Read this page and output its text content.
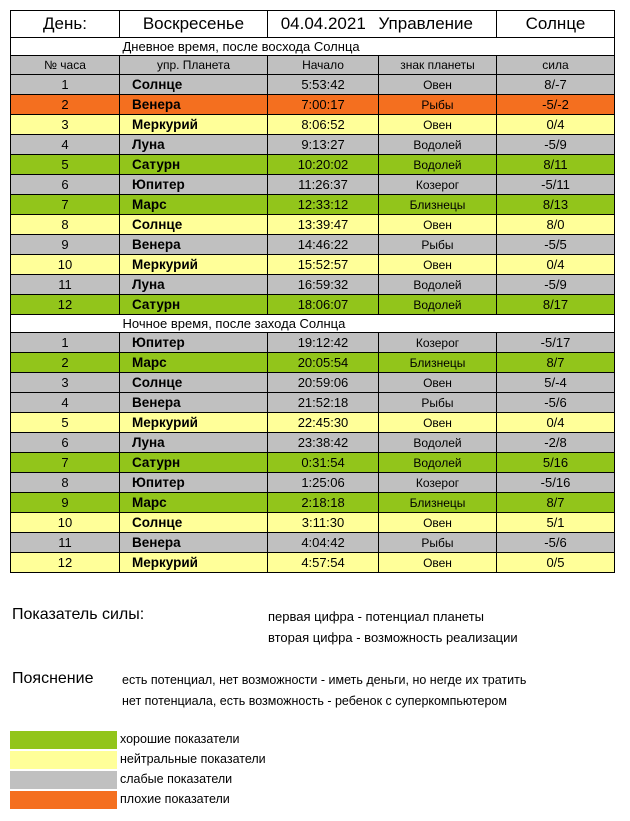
День:	Воскресенье	04.04.2021	Управление	Солнце
	Дневное время, после восхода Солнца			
№ часа	упр. Планета	Начало	знак планеты	сила
1	Солнце	5:53:42	Овен	8/-7
2	Венера	7:00:17	Рыбы	-5/-2
3	Меркурий	8:06:52	Овен	0/4
4	Луна	9:13:27	Водолей	-5/9
5	Сатурн	10:20:02	Водолей	8/11
6	Юпитер	11:26:37	Козерог	-5/11
7	Марс	12:33:12	Близнецы	8/13
8	Солнце	13:39:47	Овен	8/0
9	Венера	14:46:22	Рыбы	-5/5
10	Меркурий	15:52:57	Овен	0/4
11	Луна	16:59:32	Водолей	-5/9
12	Сатурн	18:06:07	Водолей	8/17
	Ночное время, после захода Солнца			
1	Юпитер	19:12:42	Козерог	-5/17
2	Марс	20:05:54	Близнецы	8/7
3	Солнце	20:59:06	Овен	5/-4
4	Венера	21:52:18	Рыбы	-5/6
5	Меркурий	22:45:30	Овен	0/4
6	Луна	23:38:42	Водолей	-2/8
7	Сатурн	0:31:54	Водолей	5/16
8	Юпитер	1:25:06	Козерог	-5/16
9	Марс	2:18:18	Близнецы	8/7
10	Солнце	3:11:30	Овен	5/1
11	Венера	4:04:42	Рыбы	-5/6
12	Меркурий	4:57:54	Овен	0/5
Показатель силы:	первая цифра - потенциал планеты
вторая цифра - возможность реализации
Пояснение есть потенциал, нет возможности - иметь деньги, но негде их тратить
нет потенциала, есть возможность - ребенок с суперкомпьютером
хорошие показатели
нейтральные показатели
слабые показатели
плохие показатели
